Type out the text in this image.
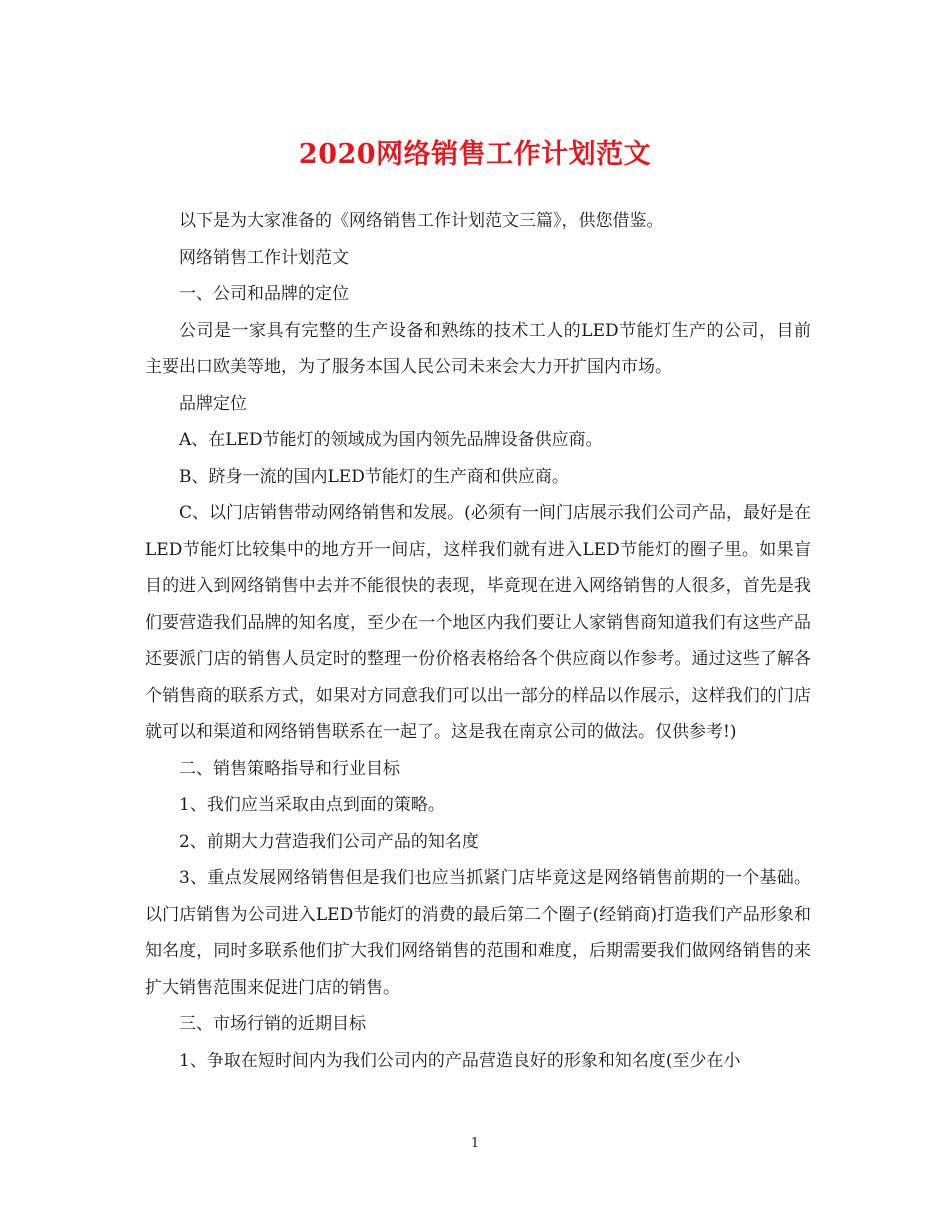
2020网络销售工作计划范文

以下是为大家准备的《网络销售工作计划范文三篇》，供您借鉴。

网络销售工作计划范文

一、公司和品牌的定位

公司是一家具有完整的生产设备和熟练的技术工人的LED节能灯生产的公司，目前主要出口欧美等地，为了服务本国人民公司未来会大力开扩国内市场。

品牌定位

A、在LED节能灯的领域成为国内领先品牌设备供应商。

B、跻身一流的国内LED节能灯的生产商和供应商。

C、以门店销售带动网络销售和发展。(必须有一间门店展示我们公司产品，最好是在LED节能灯比较集中的地方开一间店，这样我们就有进入LED节能灯的圈子里。如果盲目的进入到网络销售中去并不能很快的表现，毕竟现在进入网络销售的人很多，首先是我们要营造我们品牌的知名度，至少在一个地区内我们要让人家销售商知道我们有这些产品还要派门店的销售人员定时的整理一份价格表格给各个供应商以作参考。通过这些了解各个销售商的联系方式，如果对方同意我们可以出一部分的样品以作展示，这样我们的门店就可以和渠道和网络销售联系在一起了。这是我在南京公司的做法。仅供参考!)

二、销售策略指导和行业目标

1、我们应当采取由点到面的策略。

2、前期大力营造我们公司产品的知名度

3、重点发展网络销售但是我们也应当抓紧门店毕竟这是网络销售前期的一个基础。以门店销售为公司进入LED节能灯的消费的最后第二个圈子(经销商)打造我们产品形象和知名度，同时多联系他们扩大我们网络销售的范围和难度，后期需要我们做网络销售的来扩大销售范围来促进门店的销售。

三、市场行销的近期目标

1、争取在短时间内为我们公司内的产品营造良好的形象和知名度(至少在小

1
